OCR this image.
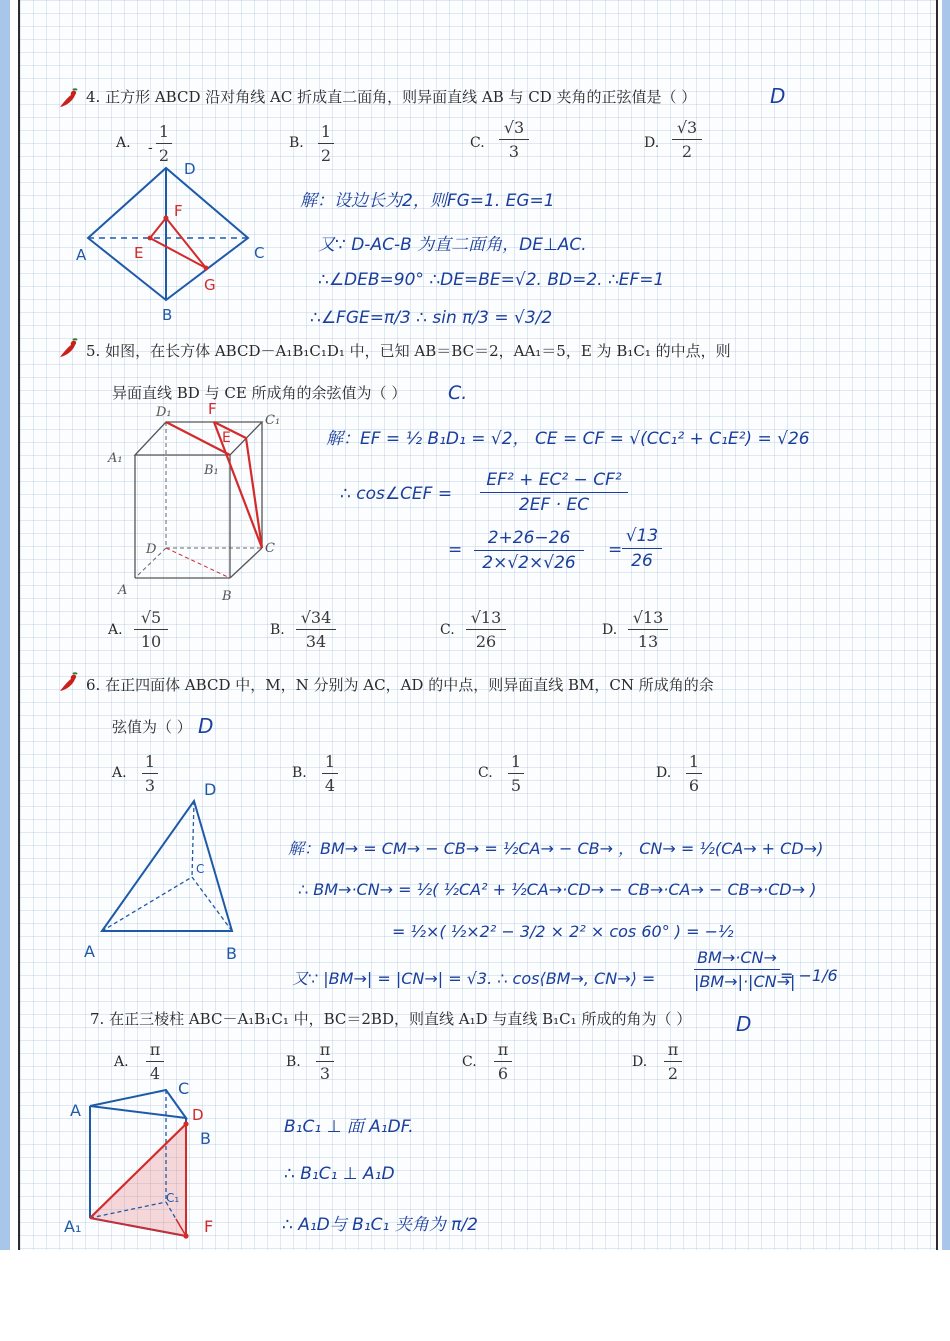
4. 正方形 ABCD 沿对角线 AC 折成直二面角，则异面直线 AB 与 CD 夹角的正弦值是（ ）	D
A. -
1
2
B.
1
2
C.
√3
3	D.
√3
2
D
F
A	E	C
G
B
解：设边长为2，则FG=1. EG=1
又∵ D-AC-B 为直二面角，DE⊥AC.
∴∠DEB=90° ∴DE=BE=√2. BD=2. ∴EF=1
∴∠FGE=π/3 ∴ sin π/3 = √3/2
5. 如图，在长方体 ABCD－A₁B₁C₁D₁ 中，已知 AB＝BC＝2，AA₁＝5，E 为 B₁C₁ 的中点，则
异面直线 BD 与 CE 所成角的余弦值为（ ） C.
D₁ F
C₁
E
A₁
B₁
D	C
A	B
解：EF = ½ B₁D₁ = √2， CE = CF = √(CC₁² + C₁E²) = √26
∴ cos∠CEF =
EF² + EC² − CF²
2EF · EC
=
2+26−26
2×√2×√26
=
√13
26
A.
√5
10
B.
√34
34
C.
√13
26
D.
√13
13
6. 在正四面体 ABCD 中，M，N 分别为 AC，AD 的中点，则异面直线 BM，CN 所成角的余
弦值为（ ） D
A.
1
3
B.
1
4
C.
1
5
D.
1
6
D
C
A	B
解：BM→ = CM→ − CB→ = ½CA→ − CB→ ， CN→ = ½(CA→ + CD→)
∴ BM→·CN→ = ½( ½CA² + ½CA→·CD→ − CB→·CA→ − CB→·CD→ )
= ½×( ½×2² − 3/2 × 2² × cos 60° ) = −½
又∵ |BM→| = |CN→| = √3. ∴ cos⟨BM→, CN→⟩ =
BM→·CN→
|BM→|·|CN→|
= −1/6
7. 在正三棱柱 ABC－A₁B₁C₁ 中，BC＝2BD，则直线 A₁D 与直线 B₁C₁ 所成的角为（ ） D
A.
π
4
B.
π
3
C.
π
6
D.
π
2
A
C
D
B
C₁
A₁	F
B₁C₁ ⊥ 面 A₁DF.
∴ B₁C₁ ⊥ A₁D
∴ A₁D与 B₁C₁ 夹角为 π/2
